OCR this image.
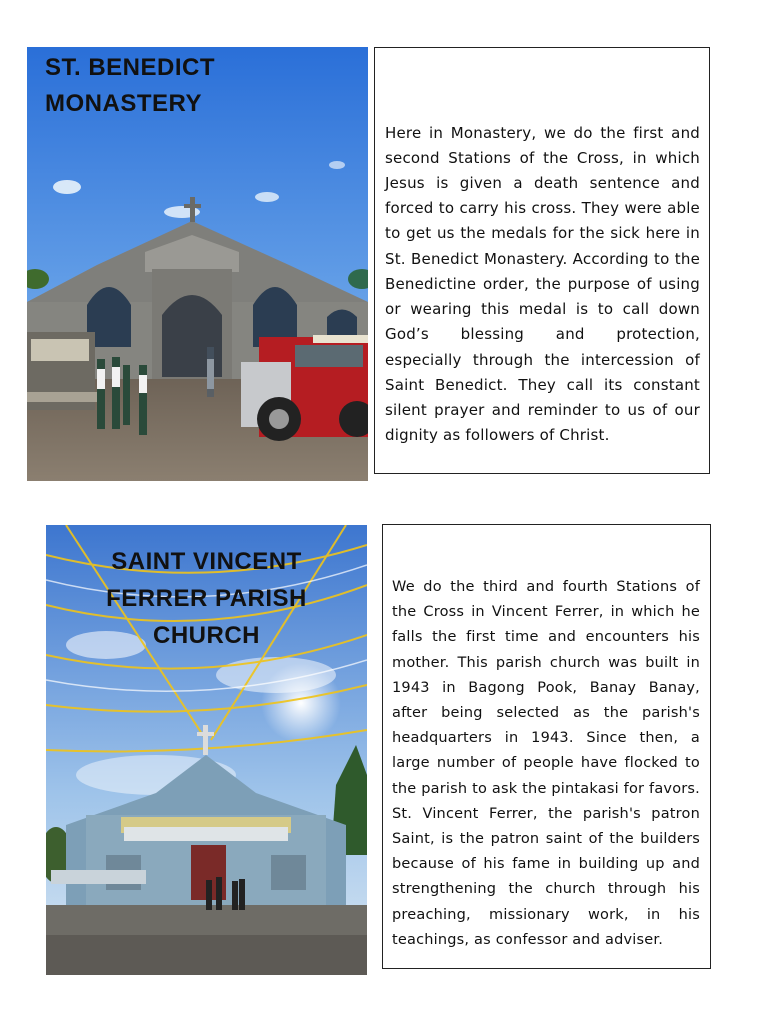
ST. BENEDICT
MONASTERY

Here in Monastery, we do the first and second Stations of the Cross, in which Jesus is given a death sentence and forced to carry his cross. They were able to get us the medals for the sick here in St. Benedict Monastery. According to the Benedictine order, the purpose of using or wearing this medal is to call down God’s blessing and protection, especially through the intercession of Saint Benedict. They call its constant silent prayer and reminder to us of our dignity as followers of Christ.

SAINT VINCENT
FERRER PARISH
CHURCH

We do the third and fourth Stations of the Cross in Vincent Ferrer, in which he falls the first time and encounters his mother. This parish church was built in 1943 in Bagong Pook, Banay Banay, after being selected as the parish's headquarters in 1943. Since then, a large number of people have flocked to the parish to ask the pintakasi for favors. St. Vincent Ferrer, the parish's patron Saint, is the patron saint of the builders because of his fame in building up and strengthening the church through his preaching, missionary work, in his teachings, as confessor and adviser.
